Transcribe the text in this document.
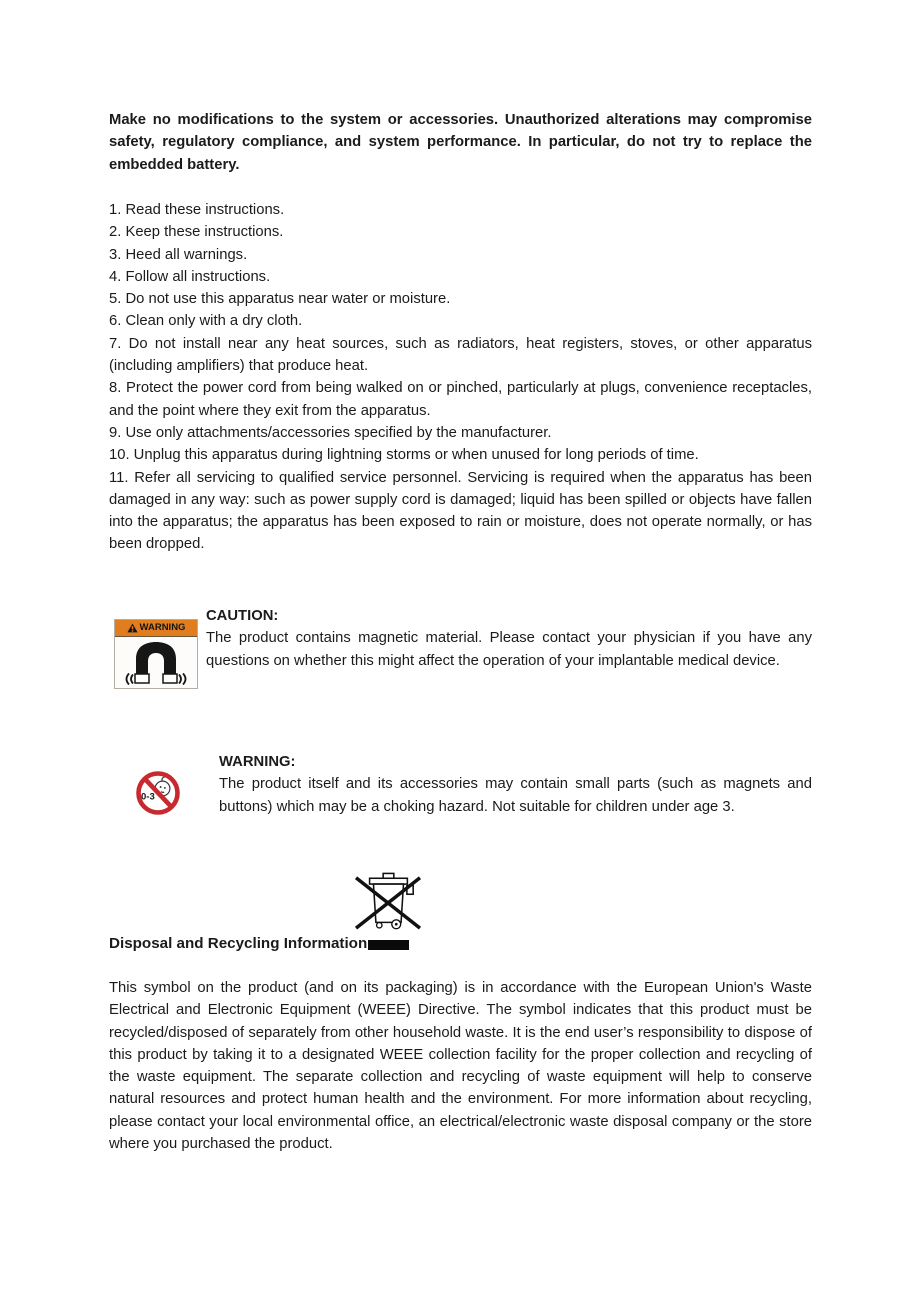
Make no modifications to the system or accessories. Unauthorized alterations may compromise safety, regulatory compliance, and system performance. In particular, do not try to replace the embedded battery.

1. Read these instructions.

2. Keep these instructions.

3. Heed all warnings.

4. Follow all instructions.

5. Do not use this apparatus near water or moisture.

6. Clean only with a dry cloth.

7. Do not install near any heat sources, such as radiators, heat registers, stoves, or other apparatus (including amplifiers) that produce heat.

8. Protect the power cord from being walked on or pinched, particularly at plugs, convenience receptacles, and the point where they exit from the apparatus.

9. Use only attachments/accessories specified by the manufacturer.

10. Unplug this apparatus during lightning storms or when unused for long periods of time.

11. Refer all servicing to qualified service personnel. Servicing is required when the apparatus has been damaged in any way: such as power supply cord is damaged; liquid has been spilled or objects have fallen into the apparatus; the apparatus has been exposed to rain or moisture, does not operate normally, or has been dropped.

WARNING

CAUTION:

The product contains magnetic material. Please contact your physician if you have any questions on whether this might affect the operation of your implantable medical device.

0-3

WARNING:

The product itself and its accessories may contain small parts (such as magnets and buttons) which may be a choking hazard. Not suitable for children under age 3.

Disposal and Recycling Information

This symbol on the product (and on its packaging) is in accordance with the European Union's Waste Electrical and Electronic Equipment (WEEE) Directive. The symbol indicates that this product must be recycled/disposed of separately from other household waste. It is the end user’s responsibility to dispose of this product by taking it to a designated WEEE collection facility for the proper collection and recycling of the waste equipment. The separate collection and recycling of waste equipment will help to conserve natural resources and protect human health and the environment. For more information about recycling, please contact your local environmental office, an electrical/electronic waste disposal company or the store where you purchased the product.
